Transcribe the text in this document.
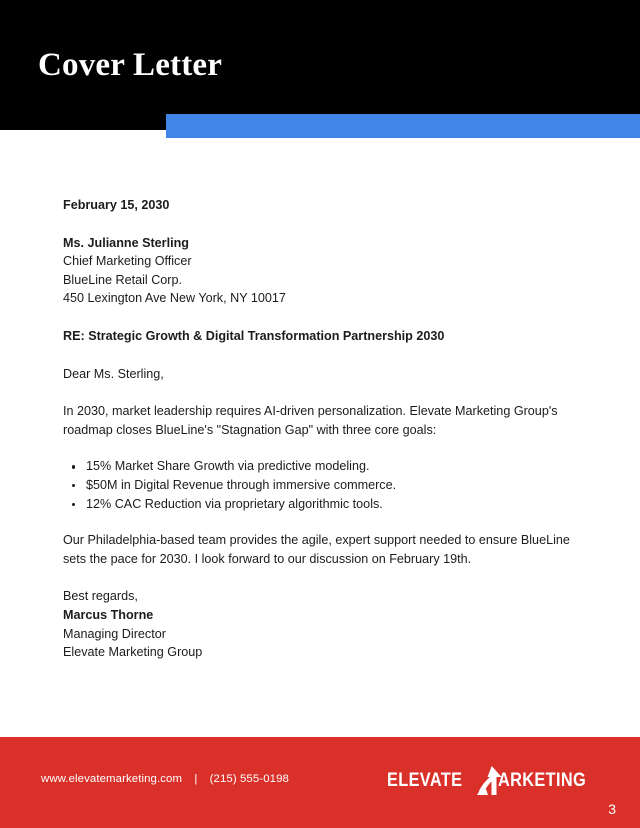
Cover Letter
February 15, 2030
Ms. Julianne Sterling
Chief Marketing Officer
BlueLine Retail Corp.
450 Lexington Ave New York, NY 10017
RE: Strategic Growth & Digital Transformation Partnership 2030
Dear Ms. Sterling,

In 2030, market leadership requires AI-driven personalization. Elevate Marketing Group's roadmap closes BlueLine's "Stagnation Gap" with three core goals:

15% Market Share Growth via predictive modeling.
$50M in Digital Revenue through immersive commerce.
12% CAC Reduction via proprietary algorithmic tools.

Our Philadelphia-based team provides the agile, expert support needed to ensure BlueLine sets the pace for 2030. I look forward to our discussion on February 19th.

Best regards,
Marcus Thorne
Managing Director
Elevate Marketing Group
www.elevatemarketing.com | (215) 555-0198	ELEVATE ARKETING
3
